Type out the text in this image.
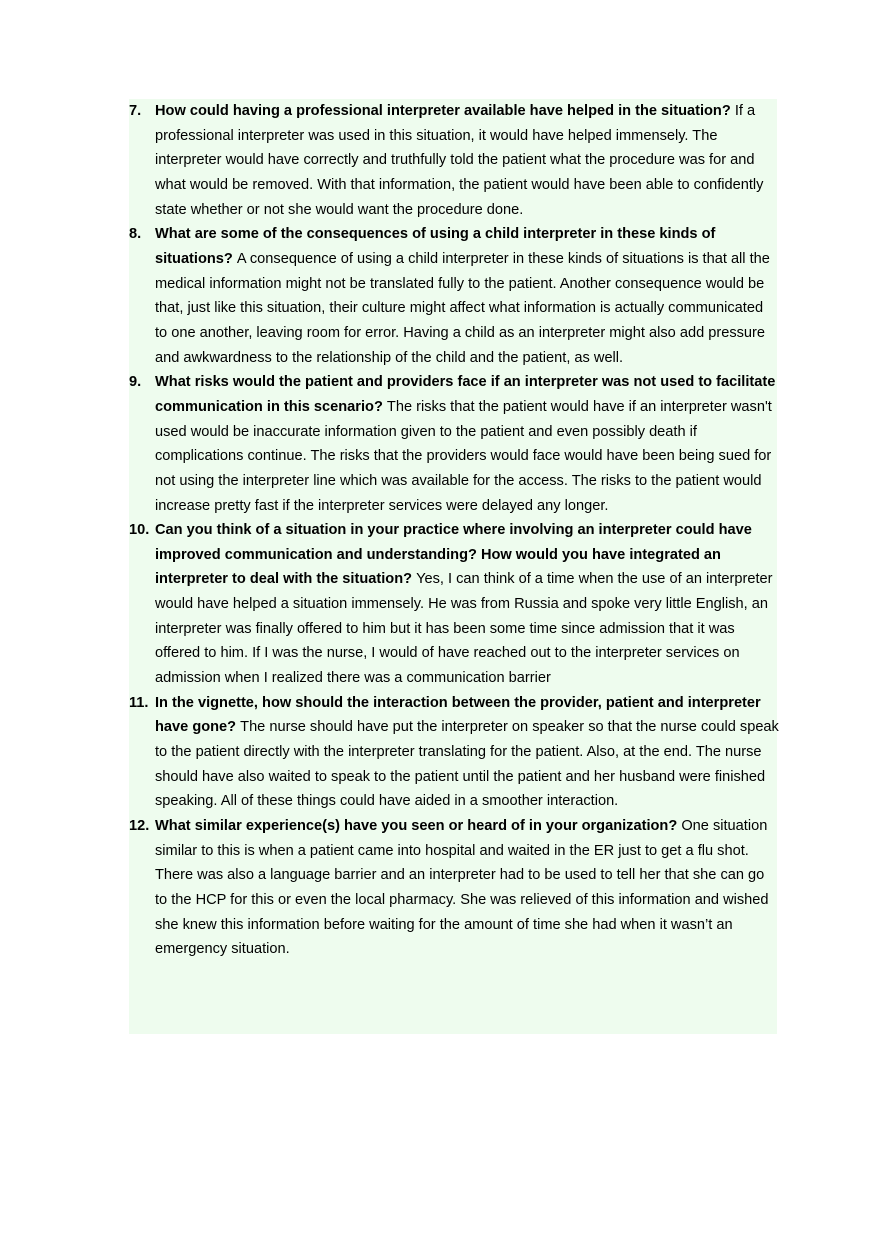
7. How could having a professional interpreter available have helped in the situation? If a professional interpreter was used in this situation, it would have helped immensely. The interpreter would have correctly and truthfully told the patient what the procedure was for and what would be removed. With that information, the patient would have been able to confidently state whether or not she would want the procedure done.
8. What are some of the consequences of using a child interpreter in these kinds of situations? A consequence of using a child interpreter in these kinds of situations is that all the medical information might not be translated fully to the patient. Another consequence would be that, just like this situation, their culture might affect what information is actually communicated to one another, leaving room for error. Having a child as an interpreter might also add pressure and awkwardness to the relationship of the child and the patient, as well.
9. What risks would the patient and providers face if an interpreter was not used to facilitate communication in this scenario? The risks that the patient would have if an interpreter wasn't used would be inaccurate information given to the patient and even possibly death if complications continue. The risks that the providers would face would have been being sued for not using the interpreter line which was available for the access. The risks to the patient would increase pretty fast if the interpreter services were delayed any longer.
10. Can you think of a situation in your practice where involving an interpreter could have improved communication and understanding? How would you have integrated an interpreter to deal with the situation? Yes, I can think of a time when the use of an interpreter would have helped a situation immensely. He was from Russia and spoke very little English, an interpreter was finally offered to him but it has been some time since admission that it was offered to him. If I was the nurse, I would of have reached out to the interpreter services on admission when I realized there was a communication barrier
11. In the vignette, how should the interaction between the provider, patient and interpreter have gone? The nurse should have put the interpreter on speaker so that the nurse could speak to the patient directly with the interpreter translating for the patient. Also, at the end. The nurse should have also waited to speak to the patient until the patient and her husband were finished speaking. All of these things could have aided in a smoother interaction.
12. What similar experience(s) have you seen or heard of in your organization? One situation similar to this is when a patient came into hospital and waited in the ER just to get a flu shot. There was also a language barrier and an interpreter had to be used to tell her that she can go to the HCP for this or even the local pharmacy. She was relieved of this information and wished she knew this information before waiting for the amount of time she had when it wasn’t an emergency situation.
